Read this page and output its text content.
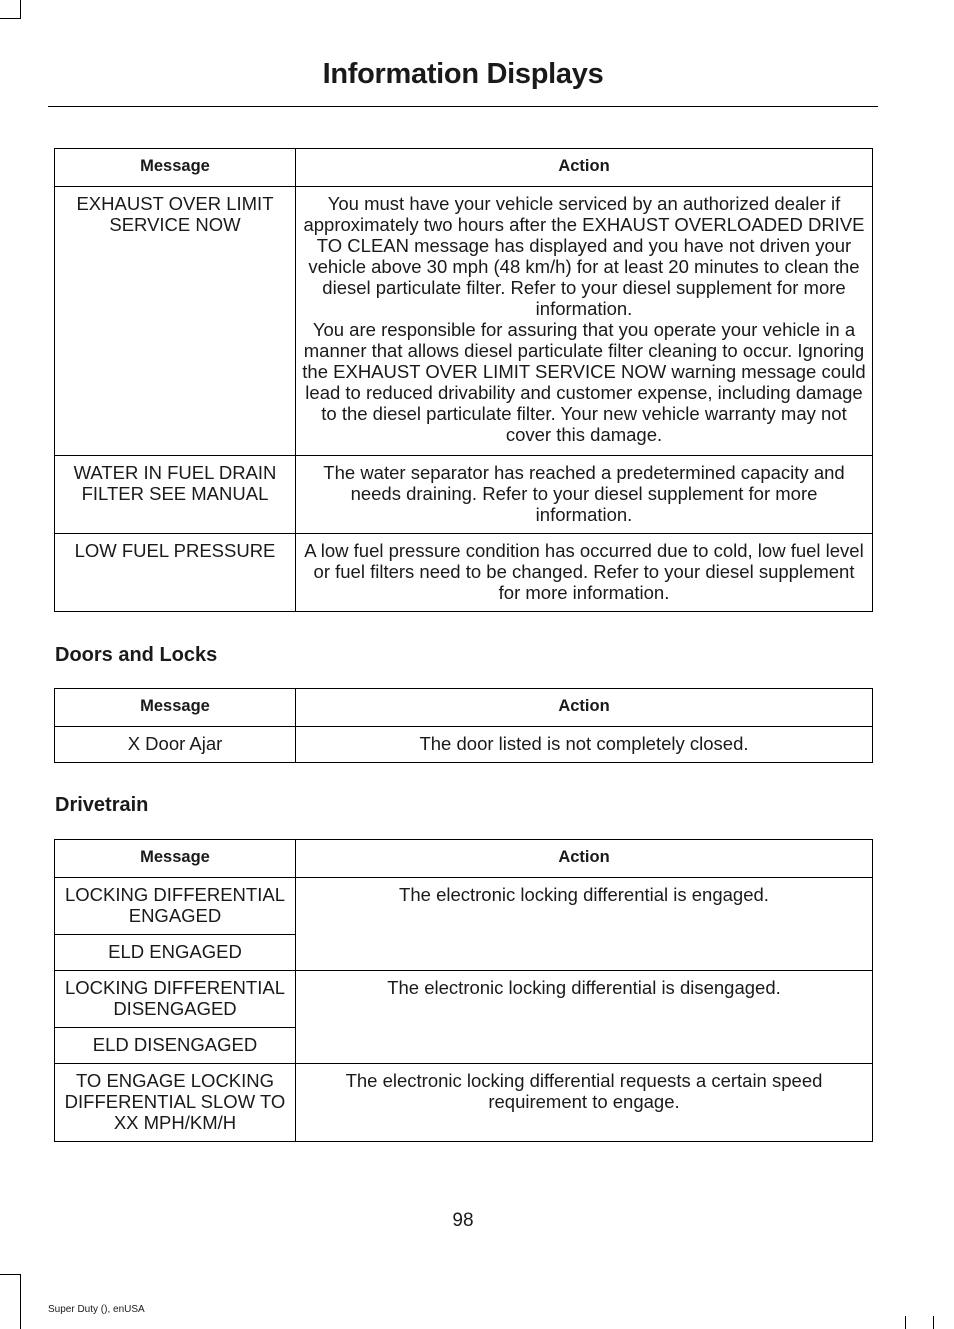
Information Displays
Message	Action
EXHAUST OVER LIMIT SERVICE NOW	You must have your vehicle serviced by an authorized dealer if approximately two hours after the EXHAUST OVERLOADED DRIVE TO CLEAN message has displayed and you have not driven your vehicle above 30 mph (48 km/h) for at least 20 minutes to clean the diesel particulate filter. Refer to your diesel supplement for more information.
You are responsible for assuring that you operate your vehicle in a manner that allows diesel particulate filter cleaning to occur. Ignoring the EXHAUST OVER LIMIT SERVICE NOW warning message could lead to reduced drivability and customer expense, including damage to the diesel particulate filter. Your new vehicle warranty may not cover this damage.

WATER IN FUEL DRAIN FILTER SEE MANUAL	The water separator has reached a predetermined capacity and needs draining. Refer to your diesel supplement for more information.
LOW FUEL PRESSURE	A low fuel pressure condition has occurred due to cold, low fuel level or fuel filters need to be changed. Refer to your diesel supplement for more information.
Doors and Locks
Message	Action
X Door Ajar	The door listed is not completely closed.
Drivetrain
Message	Action
LOCKING DIFFERENTIAL ENGAGED	The electronic locking differential is engaged.
ELD ENGAGED	
LOCKING DIFFERENTIAL DISENGAGED	The electronic locking differential is disengaged.
ELD DISENGAGED	
TO ENGAGE LOCKING DIFFERENTIAL SLOW TO XX MPH/KM/H	The electronic locking differential requests a certain speed requirement to engage.
98
Super Duty (), enUSA
